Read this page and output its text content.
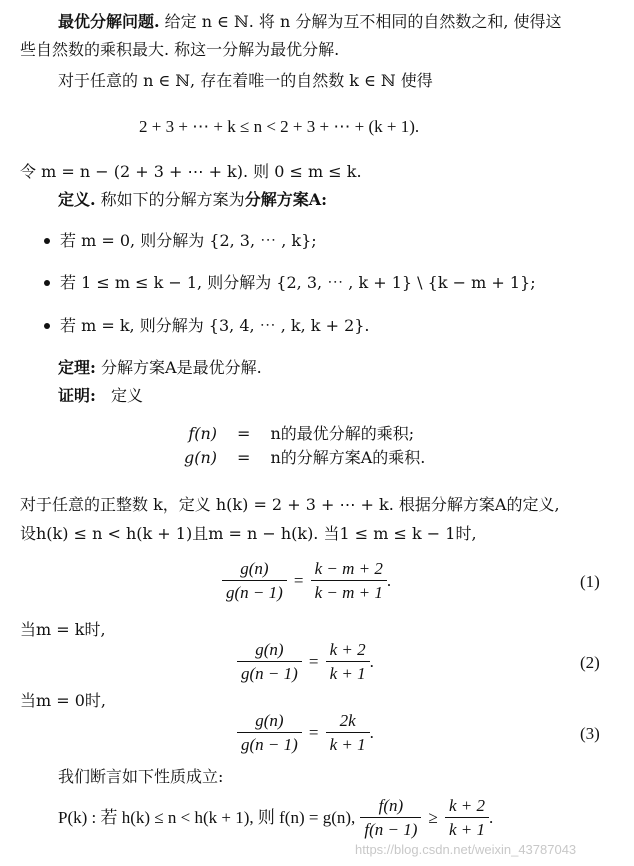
最优分解问题. 给定 n ∈ ℕ. 将 n 分解为互不相同的自然数之和, 使得这
些自然数的乘积最大. 称这一分解为最优分解.
对于任意的 n ∈ ℕ, 存在着唯一的自然数 k ∈ ℕ 使得
2 + 3 + ⋯ + k ≤ n < 2 + 3 + ⋯ + (k + 1).
令 m = n − (2 + 3 + ⋯ + k). 则 0 ≤ m ≤ k.
定义. 称如下的分解方案为分解方案A:
若 m = 0, 则分解为 {2, 3, ⋯ , k};
若 1 ≤ m ≤ k − 1, 则分解为 {2, 3, ⋯ , k + 1} \ {k − m + 1};
若 m = k, 则分解为 {3, 4, ⋯ , k, k + 2}.
定理: 分解方案A是最优分解.
证明: 定义
f(n)	=	n的最优分解的乘积;
g(n)	=	n的分解方案A的乘积.
对于任意的正整数 k，定义 h(k) = 2 + 3 + ⋯ + k. 根据分解方案A的定义,
设h(k) ≤ n < h(k + 1)且m = n − h(k). 当1 ≤ m ≤ k − 1时,
$\frac{g(n)}{g(n - 1)} = \frac{k - m + 2}{k - m + 1}$ .	(1)
当m = k时,
$\frac{g(n)}{g(n - 1)} = \frac{k + 2}{k + 1}$ .	(2)
当m = 0时,
$\frac{g(n)}{g(n - 1)} = \frac{2k}{k + 1}$ .	(3)
我们断言如下性质成立:
P(k) : 若 h(k) ≤ n < h(k + 1), 则 f(n) = g(n), $\frac{f(n)}{f(n - 1)} \ge \frac{k + 2}{k + 1}$ .
https://blog.csdn.net/weixin_43787043
